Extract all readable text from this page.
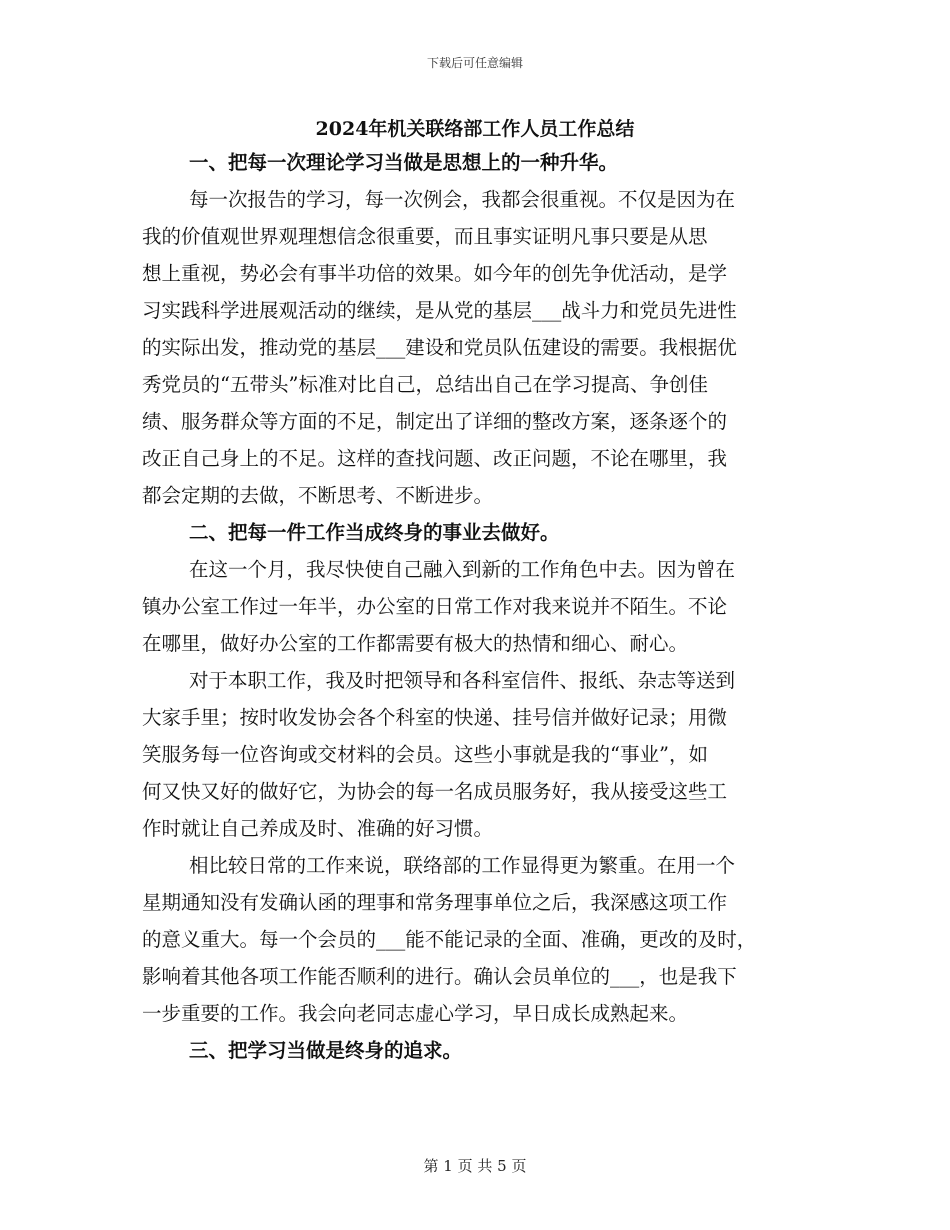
下载后可任意编辑
2024年机关联络部工作人员工作总结
一、把每一次理论学习当做是思想上的一种升华。
每一次报告的学习，每一次例会，我都会很重视。不仅是因为在
我的价值观世界观理想信念很重要，而且事实证明凡事只要是从思
想上重视，势必会有事半功倍的效果。如今年的创先争优活动，是学
习实践科学进展观活动的继续，是从党的基层___战斗力和党员先进性
的实际出发，推动党的基层___建设和党员队伍建设的需要。我根据优
秀党员的“五带头”标准对比自己，总结出自己在学习提高、争创佳
绩、服务群众等方面的不足，制定出了详细的整改方案，逐条逐个的
改正自己身上的不足。这样的查找问题、改正问题，不论在哪里，我
都会定期的去做，不断思考、不断进步。
二、把每一件工作当成终身的事业去做好。
在这一个月，我尽快使自己融入到新的工作角色中去。因为曾在
镇办公室工作过一年半，办公室的日常工作对我来说并不陌生。不论
在哪里，做好办公室的工作都需要有极大的热情和细心、耐心。
对于本职工作，我及时把领导和各科室信件、报纸、杂志等送到
大家手里；按时收发协会各个科室的快递、挂号信并做好记录；用微
笑服务每一位咨询或交材料的会员。这些小事就是我的“事业”，如
何又快又好的做好它，为协会的每一名成员服务好，我从接受这些工
作时就让自己养成及时、准确的好习惯。
相比较日常的工作来说，联络部的工作显得更为繁重。在用一个
星期通知没有发确认函的理事和常务理事单位之后，我深感这项工作
的意义重大。每一个会员的___能不能记录的全面、准确，更改的及时，
影响着其他各项工作能否顺利的进行。确认会员单位的___，也是我下
一步重要的工作。我会向老同志虚心学习，早日成长成熟起来。
三、把学习当做是终身的追求。
第 1 页 共 5 页
